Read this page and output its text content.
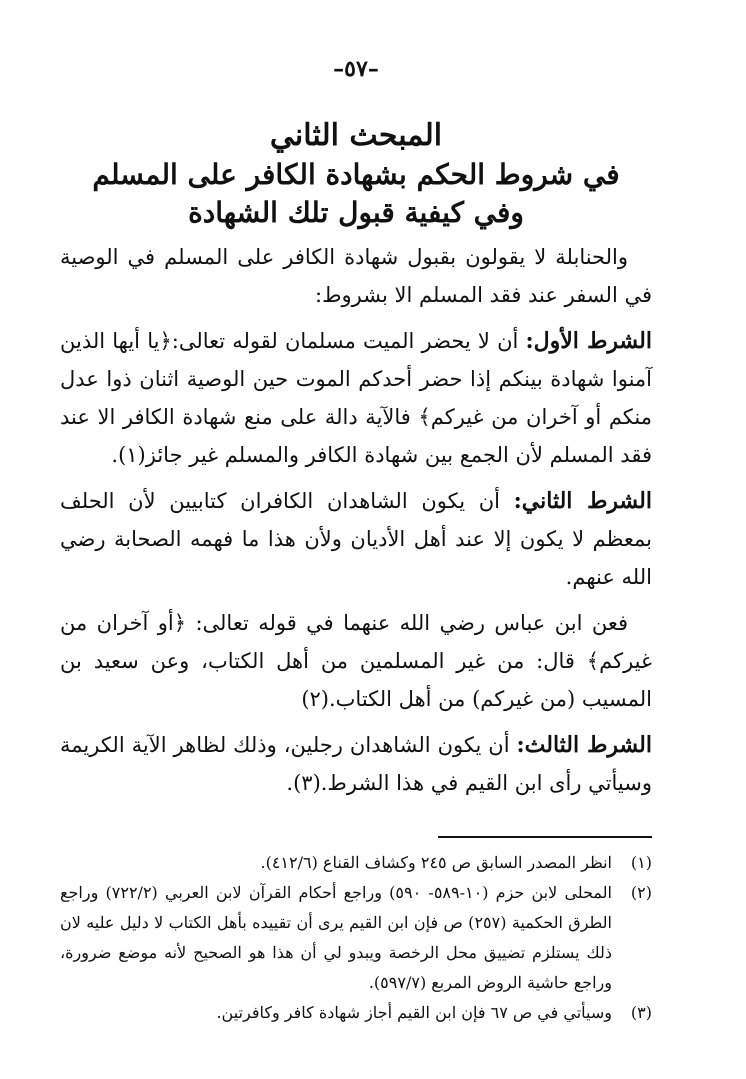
–٥٧–

المبحث الثاني

في شروط الحكم بشهادة الكافر على المسلم

وفي كيفية قبول تلك الشهادة

والحنابلة لا يقولون بقبول شهادة الكافر على المسلم في الوصية في السفر عند فقد المسلم الا بشروط:

الشرط الأول: أن لا يحضر الميت مسلمان لقوله تعالى:﴿يا أيها الذين آمنوا شهادة بينكم إذا حضر أحدكم الموت حين الوصية اثنان ذوا عدل منكم أو آخران من غيركم﴾ فالآية دالة على منع شهادة الكافر الا عند فقد المسلم لأن الجمع بين شهادة الكافر والمسلم غير جائز(١).

الشرط الثاني: أن يكون الشاهدان الكافران كتابيين لأن الحلف بمعظم لا يكون إلا عند أهل الأديان ولأن هذا ما فهمه الصحابة رضي الله عنهم.

فعن ابن عباس رضي الله عنهما في قوله تعالى: ﴿أو آخران من غيركم﴾ قال: من غير المسلمين من أهل الكتاب، وعن سعيد بن المسيب (من غيركم) من أهل الكتاب.(٢)

الشرط الثالث: أن يكون الشاهدان رجلين، وذلك لظاهر الآية الكريمة وسيأتي رأى ابن القيم في هذا الشرط.(٣).

(١)
انظر المصدر السابق ص ٢٤٥ وكشاف القناع (٤١٢/٦).
(٢)
المحلى لابن حزم (١٠-٥٨٩- ٥٩٠) وراجع أحكام القرآن لابن العربي (٧٢٢/٢) وراجع الطرق الحكمية (٢٥٧) ص فإن ابن القيم يرى أن تقييده بأهل الكتاب لا دليل عليه لان ذلك يستلزم تضييق محل الرخصة ويبدو لي أن هذا هو الصحيح لأنه موضع ضرورة، وراجع حاشية الروض المربع (٥٩٧/٧).
(٣)
وسيأتي في ص ٦٧ فإن ابن القيم أجاز شهادة كافر وكافرتين.
